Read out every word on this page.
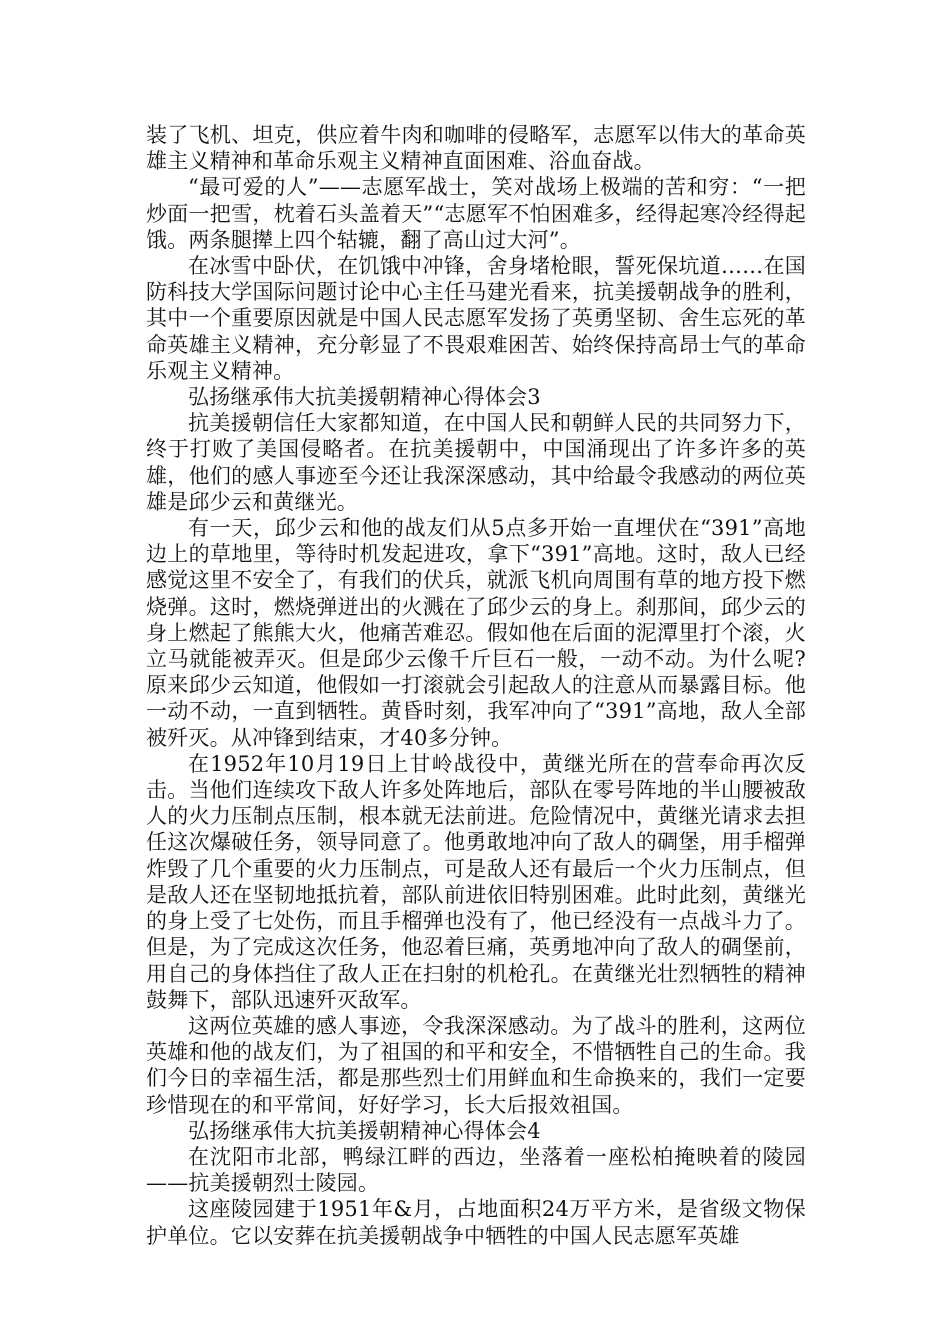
装了飞机、坦克，供应着牛肉和咖啡的侵略军，志愿军以伟大的革命英雄主义精神和革命乐观主义精神直面困难、浴血奋战。

“最可爱的人”——志愿军战士，笑对战场上极端的苦和穷：“一把炒面一把雪，枕着石头盖着天”“志愿军不怕困难多，经得起寒冷经得起饿。两条腿撵上四个轱辘，翻了高山过大河”。

在冰雪中卧伏，在饥饿中冲锋，舍身堵枪眼，誓死保坑道……在国防科技大学国际问题讨论中心主任马建光看来，抗美援朝战争的胜利，其中一个重要原因就是中国人民志愿军发扬了英勇坚韧、舍生忘死的革命英雄主义精神，充分彰显了不畏艰难困苦、始终保持高昂士气的革命乐观主义精神。

弘扬继承伟大抗美援朝精神心得体会3

抗美援朝信任大家都知道，在中国人民和朝鲜人民的共同努力下，终于打败了美国侵略者。在抗美援朝中，中国涌现出了许多许多的英雄，他们的感人事迹至今还让我深深感动，其中给最令我感动的两位英雄是邱少云和黄继光。

有一天，邱少云和他的战友们从5点多开始一直埋伏在“391”高地边上的草地里，等待时机发起进攻，拿下“391”高地。这时，敌人已经感觉这里不安全了，有我们的伏兵，就派飞机向周围有草的地方投下燃烧弹。这时，燃烧弹迸出的火溅在了邱少云的身上。刹那间，邱少云的身上燃起了熊熊大火，他痛苦难忍。假如他在后面的泥潭里打个滚，火立马就能被弄灭。但是邱少云像千斤巨石一般，一动不动。为什么呢?原来邱少云知道，他假如一打滚就会引起敌人的注意从而暴露目标。他一动不动，一直到牺牲。黄昏时刻，我军冲向了“391”高地，敌人全部被歼灭。从冲锋到结束，才40多分钟。

在1952年10月19日上甘岭战役中，黄继光所在的营奉命再次反击。当他们连续攻下敌人许多处阵地后，部队在零号阵地的半山腰被敌人的火力压制点压制，根本就无法前进。危险情况中，黄继光请求去担任这次爆破任务，领导同意了。他勇敢地冲向了敌人的碉堡，用手榴弹炸毁了几个重要的火力压制点，可是敌人还有最后一个火力压制点，但是敌人还在坚韧地抵抗着，部队前进依旧特别困难。此时此刻，黄继光的身上受了七处伤，而且手榴弹也没有了，他已经没有一点战斗力了。但是，为了完成这次任务，他忍着巨痛，英勇地冲向了敌人的碉堡前，用自己的身体挡住了敌人正在扫射的机枪孔。在黄继光壮烈牺牲的精神鼓舞下，部队迅速歼灭敌军。

这两位英雄的感人事迹，令我深深感动。为了战斗的胜利，这两位英雄和他的战友们，为了祖国的和平和安全，不惜牺牲自己的生命。我们今日的幸福生活，都是那些烈士们用鲜血和生命换来的，我们一定要珍惜现在的和平常间，好好学习，长大后报效祖国。

弘扬继承伟大抗美援朝精神心得体会4

在沈阳市北部，鸭绿江畔的西边，坐落着一座松柏掩映着的陵园——抗美援朝烈士陵园。

这座陵园建于1951年&月，占地面积24万平方米，是省级文物保护单位。它以安葬在抗美援朝战争中牺牲的中国人民志愿军英雄
